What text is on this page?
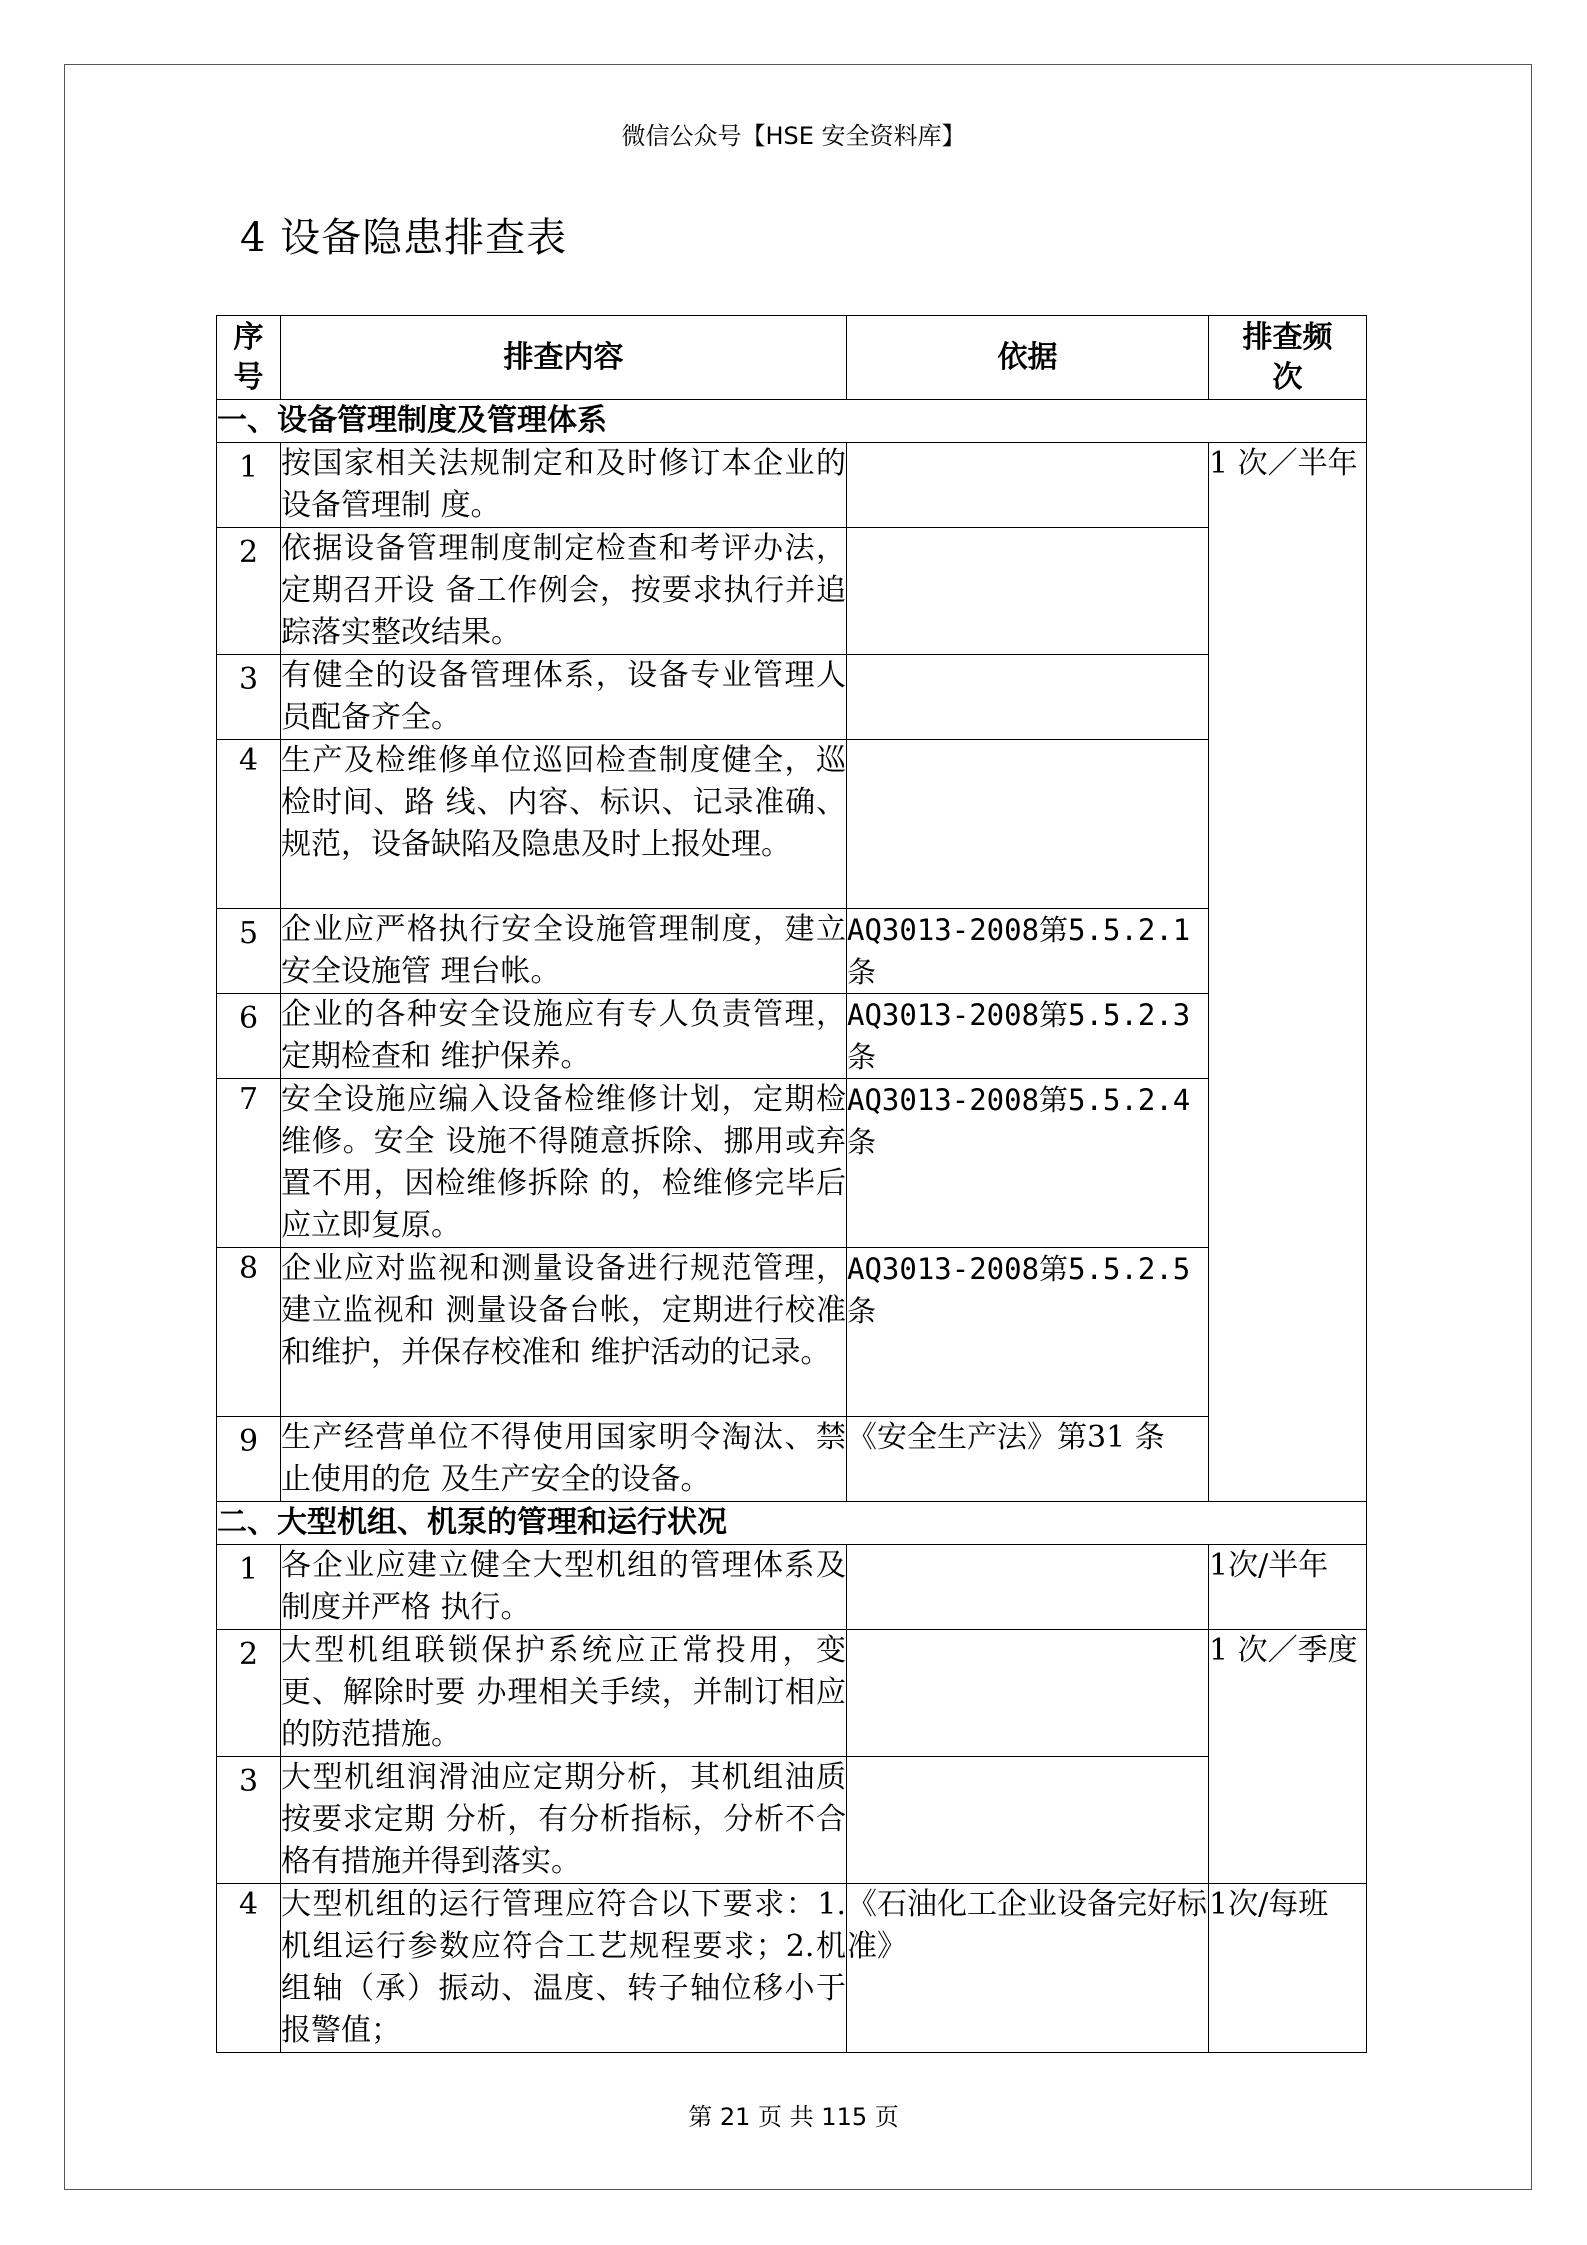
微信公众号【HSE 安全资料库】
4 设备隐患排查表
序号	排查内容	依据	排查频次
一、设备管理制度及管理体系			
1	按国家相关法规制定和及时修订本企业的设备管理制 度。		1 次／半年
2	依据设备管理制度制定检查和考评办法，定期召开设 备工作例会，按要求执行并追踪落实整改结果。		
3	有健全的设备管理体系，设备专业管理人员配备齐全。		
4	生产及检维修单位巡回检查制度健全，巡检时间、路 线、内容、标识、记录准确、规范，设备缺陷及隐患及时上报处理。		
5	企业应严格执行安全设施管理制度，建立安全设施管 理台帐。	AQ3013-2008第5.5.2.1条	
6	企业的各种安全设施应有专人负责管理，定期检查和 维护保养。	AQ3013-2008第5.5.2.3条	
7	安全设施应编入设备检维修计划，定期检维修。安全 设施不得随意拆除、挪用或弃置不用，因检维修拆除 的，检维修完毕后应立即复原。	AQ3013-2008第5.5.2.4条	
8	企业应对监视和测量设备进行规范管理，建立监视和 测量设备台帐，定期进行校准和维护，并保存校准和 维护活动的记录。	AQ3013-2008第5.5.2.5条	
9	生产经营单位不得使用国家明令淘汰、禁止使用的危 及生产安全的设备。	《安全生产法》第31 条	
二、大型机组、机泵的管理和运行状况			
1	各企业应建立健全大型机组的管理体系及制度并严格 执行。		1次/半年
2	大型机组联锁保护系统应正常投用，变更、解除时要 办理相关手续，并制订相应的防范措施。		1 次／季度
3	大型机组润滑油应定期分析，其机组油质按要求定期 分析，有分析指标，分析不合格有措施并得到落实。		
4	大型机组的运行管理应符合以下要求：1.机组运行参数应符合工艺规程要求；2.机组轴（承）振动、温度、转子轴位移小于报警值；	《石油化工企业设备完好标准》	1次/每班
第 21 页 共 115 页
